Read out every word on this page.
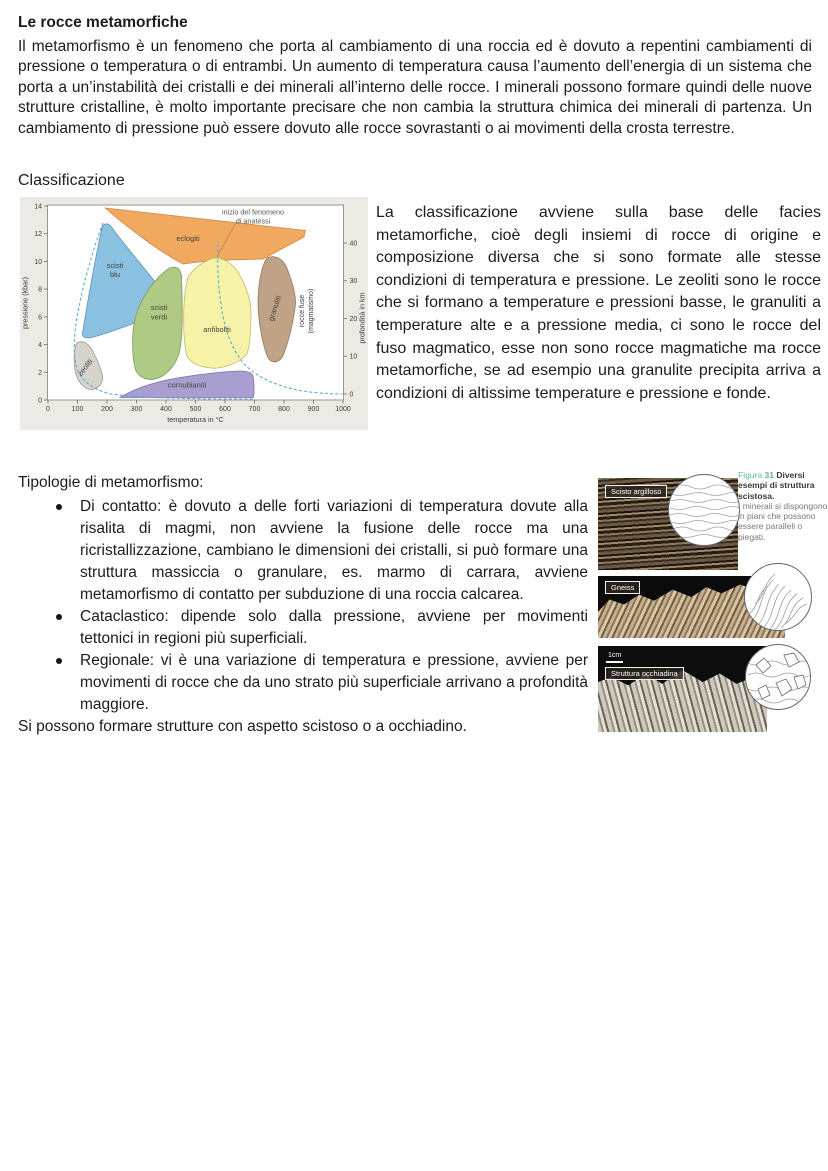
Le rocce metamorfiche
Il metamorfismo è un fenomeno che porta al cambiamento di una roccia ed è dovuto a repentini cambiamenti di pressione o temperatura o di entrambi. Un aumento di temperatura causa l’aumento dell’energia di un sistema che porta a un’instabilità dei cristalli e dei minerali all’interno delle rocce. I minerali possono formare quindi delle nuove strutture cristalline, è molto importante precisare che non cambia la struttura chimica dei minerali di partenza. Un cambiamento di pressione può essere dovuto alle rocce sovrastanti o ai movimenti della crosta terrestre.
Classificazione
inizio del fenomeno
di anatessi
eclogiti
scisti
blu
scisti
verdi
anfiboliti
granuliti
zeoliti
cornubianiti
rocce fuse (magmatismo)
0
2
4
6
8
10
12
14
pressione (kbar)
0	100	200	300	400	500	600	700	800	900 1000
temperatura in °C
0
10
20
30
40
profondità in km
La classificazione avviene sulla base delle facies metamorfiche, cioè degli insiemi di rocce di origine e composizione diversa che si sono formate alle stesse condizioni di temperatura e pressione. Le zeoliti sono le rocce che si formano a temperature e pressioni basse, le granuliti a temperature alte e a pressione media, ci sono le rocce del fuso magmatico, esse non sono rocce magmatiche ma rocce metamorfiche, se ad esempio una granulite precipita arriva a condizioni di altissime temperature e pressione e fonde.
Tipologie di metamorfismo:
Di contatto: è dovuto a delle forti variazioni di temperatura dovute alla risalita di magmi, non avviene la fusione delle rocce ma una ricristallizzazione, cambiano le dimensioni dei cristalli, si può formare una struttura massiccia o granulare, es. marmo di carrara, avviene metamorfismo di contatto per subduzione di una roccia calcarea.
Cataclastico: dipende solo dalla pressione, avviene per movimenti tettonici in regioni più superficiali.
Regionale: vi è una variazione di temperatura e pressione, avviene per movimenti di rocce che da uno strato più superficiale arrivano a profondità maggiore.

Si possono formare strutture con aspetto scistoso o a occhiadino.

Scisto argilloso
Gneiss
1cm
Struttura occhiadina
Figura 31 Diversi esempi di struttura scistosa.
I minerali si dispongono in piani che possono essere paralleli o piegati.
